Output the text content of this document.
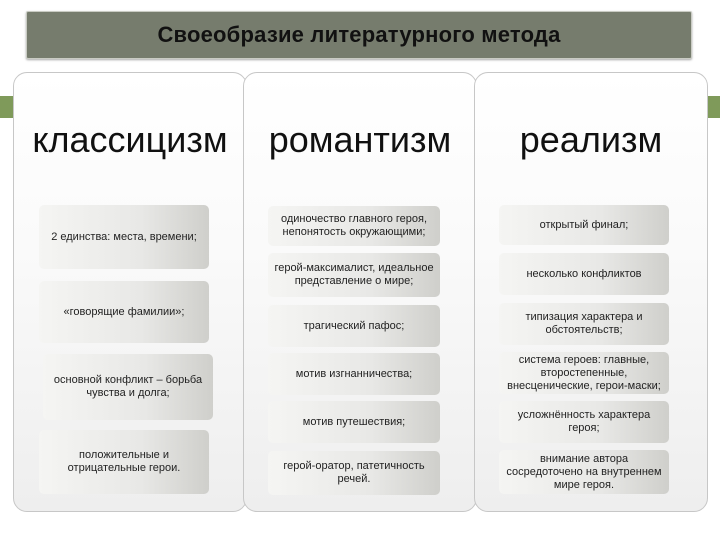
Своеобразие литературного метода
классицизм	романтизм	реализм
2 единства: места, времени;
«говорящие фамилии»;
основной конфликт – борьба чувства и долга;
положительные и отрицательные герои.
одиночество главного героя, непонятость окружающими;
герой-максималист, идеальное представление о мире;
трагический пафос;
мотив изгнанничества;
мотив путешествия;
герой-оратор, патетичность речей.
открытый финал;
несколько конфликтов
типизация характера и обстоятельств;
система героев: главные, второстепенные, внесценические, герои-маски;
усложнённость характера героя;
внимание автора сосредоточено на внутреннем мире героя.
